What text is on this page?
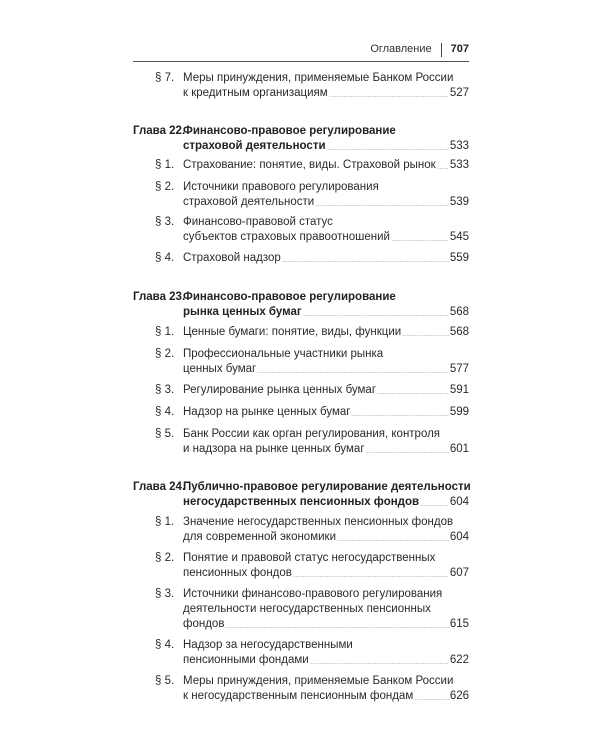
Оглавление 707
§ 7. Меры принуждения, применяемые Банком России
к кредитным организациям	527
Глава 22.
Финансово-правовое регулирование
страховой деятельности	533
§ 1. Страхование: понятие, виды. Страховой рынок 533
§ 2. Источники правового регулирования
страховой деятельности	539
§ 3. Финансово-правовой статус
субъектов страховых правоотношений	545
§ 4. Страховой надзор	559
Глава 23.
Финансово-правовое регулирование
рынка ценных бумаг	568
§ 1. Ценные бумаги: понятие, виды, функции	568
§ 2. Профессиональные участники рынка
ценных бумаг	577
§ 3. Регулирование рынка ценных бумаг	591
§ 4. Надзор на рынке ценных бумаг	599
§ 5. Банк России как орган регулирования, контроля
и надзора на рынке ценных бумаг	601
Глава 24.
Публично-правовое регулирование деятельности
негосударственных пенсионных фондов	604
§ 1. Значение негосударственных пенсионных фондов
для современной экономики	604
§ 2. Понятие и правовой статус негосударственных
пенсионных фондов	607
§ 3. Источники финансово-правового регулирования
деятельности негосударственных пенсионных
фондов	615
§ 4. Надзор за негосударственными
пенсионными фондами	622
§ 5. Меры принуждения, применяемые Банком России
к негосударственным пенсионным фондам	626
